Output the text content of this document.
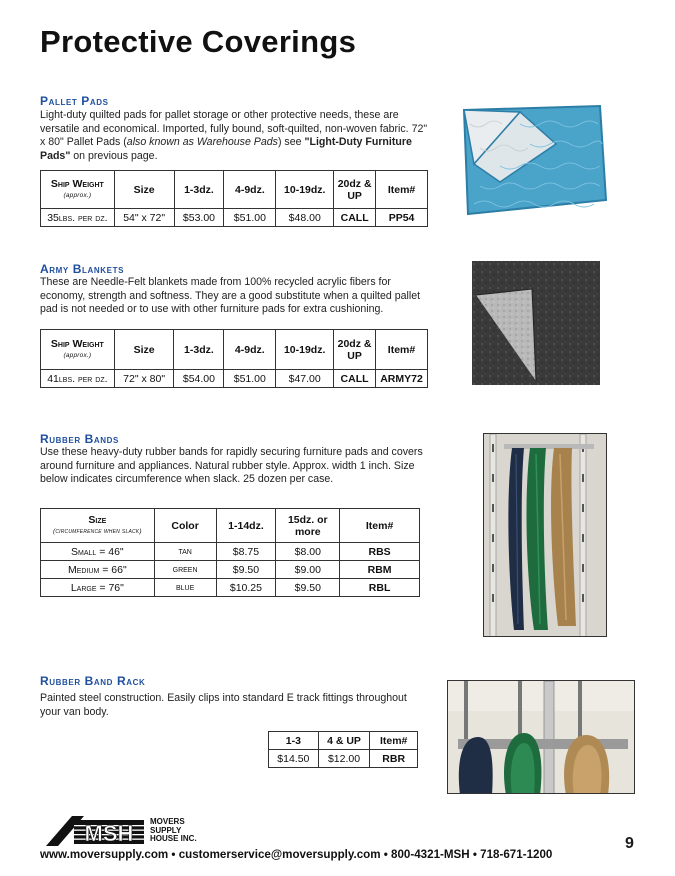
Protective Coverings
Pallet Pads
Light-duty quilted pads for pallet storage or other protective needs, these are versatile and economical. Imported, fully bound, soft-quilted, non-woven fabric. 72" x 80" Pallet Pads (also known as Warehouse Pads) see "Light-Duty Furniture Pads" on previous page.
Ship Weight
(approx.)	Size	1-3dz.	4-9dz.	10-19dz.	20dz & UP	Item#
35lbs. per dz.	54" x 72"	$53.00	$51.00	$48.00	CALL	PP54
Army Blankets
These are Needle-Felt blankets made from 100% recycled acrylic fibers for economy, strength and softness. They are a good substitute when a quilted pallet pad is not needed or to use with other furniture pads for extra cushioning.
Ship Weight
(approx.)	Size	1-3dz.	4-9dz.	10-19dz.	20dz & UP	Item#
41lbs. per dz.	72" x 80"	$54.00	$51.00	$47.00	CALL	ARMY72
Rubber Bands
Use these heavy-duty rubber bands for rapidly securing furniture pads and covers around furniture and appliances. Natural rubber style. Approx. width 1 inch. Size below indicates circumference when slack. 25 dozen per case.
Size
(circumference when slack)	Color	1-14dz.	15dz. or more	Item#
Small = 46"	tan	$8.75	$8.00	RBS
Medium = 66"	green	$9.50	$9.00	RBM
Large = 76"	blue	$10.25	$9.50	RBL
Rubber Band Rack
Painted steel construction. Easily clips into standard E track fittings throughout your van body.
1-3	4 & UP	Item#
$14.50	$12.00	RBR
MSH MOVERS
SUPPLY
HOUSE INC.
www.moversupply.com • customerservice@moversupply.com • 800-4321-MSH • 718-671-1200
9
